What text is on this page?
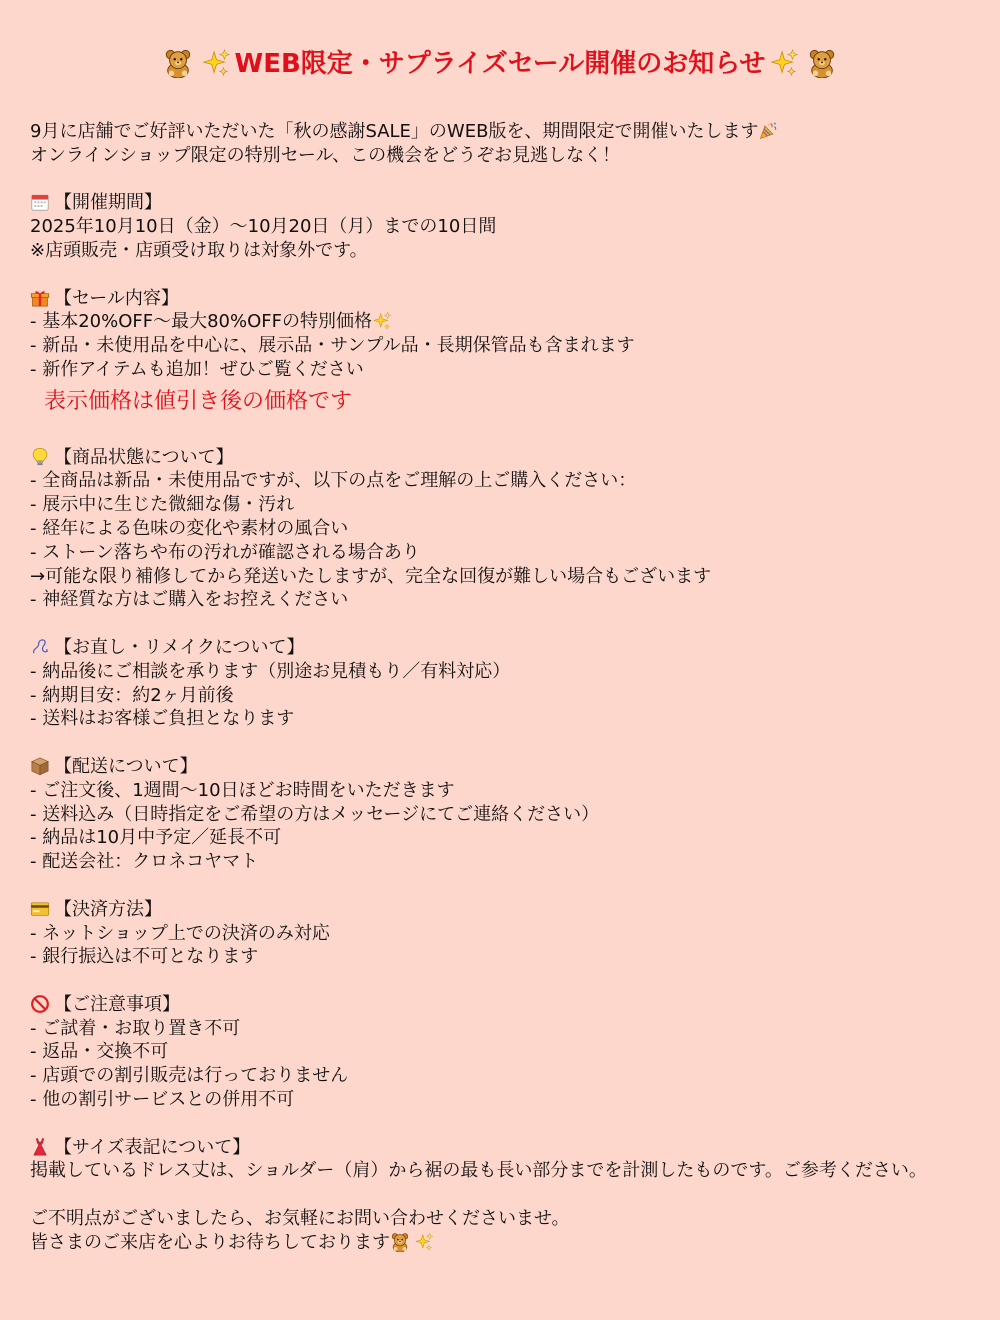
WEB限定・サプライズセール開催のお知らせ
9月に店舗でご好評いただいた「秋の感謝SALE」のWEB版を、期間限定で開催いたします
オンラインショップ限定の特別セール、この機会をどうぞお見逃しなく！
【開催期間】
2025年10月10日（金）〜10月20日（月）までの10日間
※店頭販売・店頭受け取りは対象外です。
【セール内容】
- 基本20%OFF〜最大80%OFFの特別価格
- 新品・未使用品を中心に、展示品・サンプル品・長期保管品も含まれます
- 新作アイテムも追加！ぜひご覧ください
表示価格は値引き後の価格です
【商品状態について】
- 全商品は新品・未使用品ですが、以下の点をご理解の上ご購入ください：
- 展示中に生じた微細な傷・汚れ
- 経年による色味の変化や素材の風合い
- ストーン落ちや布の汚れが確認される場合あり
→可能な限り補修してから発送いたしますが、完全な回復が難しい場合もございます
- 神経質な方はご購入をお控えください
【お直し・リメイクについて】
- 納品後にご相談を承ります（別途お見積もり／有料対応）
- 納期目安：約2ヶ月前後
- 送料はお客様ご負担となります
【配送について】
- ご注文後、1週間〜10日ほどお時間をいただきます
- 送料込み（日時指定をご希望の方はメッセージにてご連絡ください）
- 納品は10月中予定／延長不可
- 配送会社：クロネコヤマト
【決済方法】
- ネットショップ上での決済のみ対応
- 銀行振込は不可となります
【ご注意事項】
- ご試着・お取り置き不可
- 返品・交換不可
- 店頭での割引販売は行っておりません
- 他の割引サービスとの併用不可
【サイズ表記について】
掲載しているドレス丈は、ショルダー（肩）から裾の最も長い部分までを計測したものです。ご参考ください。
ご不明点がございましたら、お気軽にお問い合わせくださいませ。
皆さまのご来店を心よりお待ちしております
